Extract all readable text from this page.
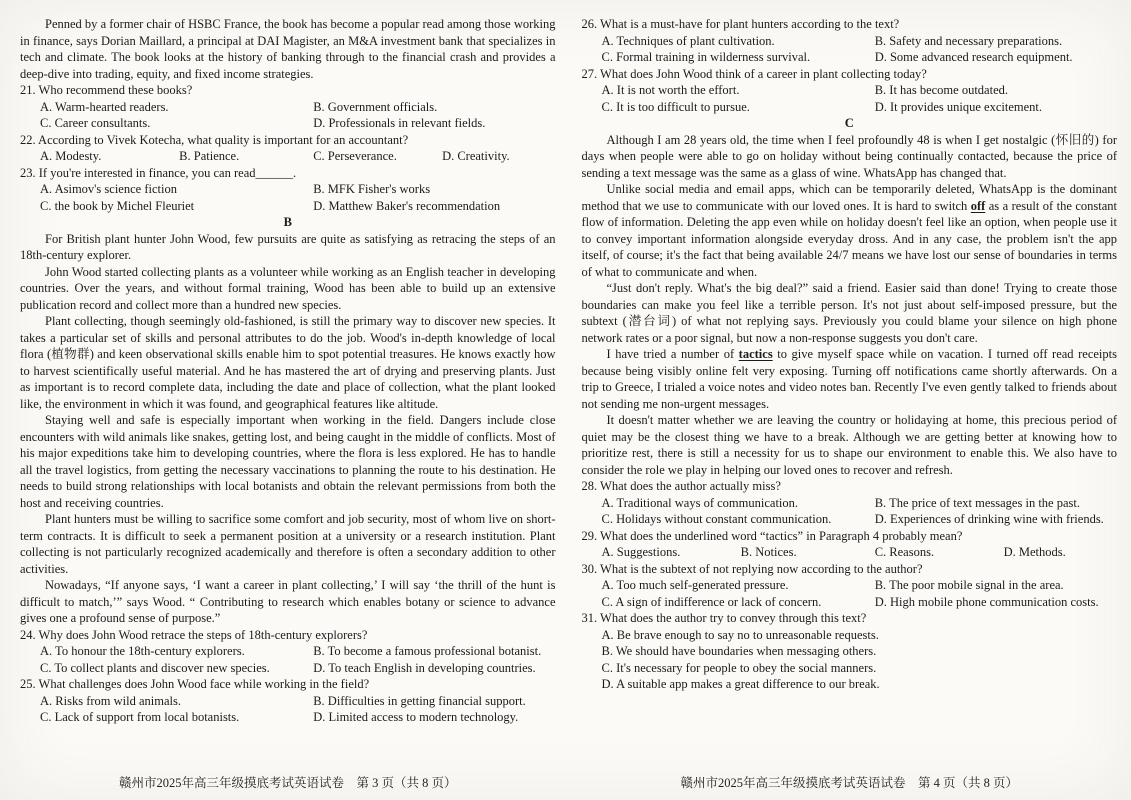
Penned by a former chair of HSBC France, the book has become a popular read among those working in finance, says Dorian Maillard, a principal at DAI Magister, an M&A investment bank that specializes in tech and climate. The book looks at the history of banking through to the financial crash and provides a deep-dive into trading, equity, and fixed income strategies.

21. Who recommend these books?
A. Warm-hearted readers.	B. Government officials.
C. Career consultants.	D. Professionals in relevant fields.
22. According to Vivek Kotecha, what quality is important for an accountant?
A. Modesty.	B. Patience.	C. Perseverance.	D. Creativity.
23. If you're interested in finance, you can read______.
A. Asimov's science fiction	B. MFK Fisher's works
C. the book by Michel Fleuriet	D. Matthew Baker's recommendation
B

For British plant hunter John Wood, few pursuits are quite as satisfying as retracing the steps of an 18th-century explorer.

John Wood started collecting plants as a volunteer while working as an English teacher in developing countries. Over the years, and without formal training, Wood has been able to build up an extensive publication record and collect more than a hundred new species.

Plant collecting, though seemingly old-fashioned, is still the primary way to discover new species. It takes a particular set of skills and personal attributes to do the job. Wood's in-depth knowledge of local flora (植物群) and keen observational skills enable him to spot potential treasures. He knows exactly how to harvest scientifically useful material. And he has mastered the art of drying and preserving plants. Just as important is to record complete data, including the date and place of collection, what the plant looked like, the environment in which it was found, and geographical features like altitude.

Staying well and safe is especially important when working in the field. Dangers include close encounters with wild animals like snakes, getting lost, and being caught in the middle of conflicts. Most of his major expeditions take him to developing countries, where the flora is less explored. He has to handle all the travel logistics, from getting the necessary vaccinations to planning the route to his destination. He needs to build strong relationships with local botanists and obtain the relevant permissions from both the host and receiving countries.

Plant hunters must be willing to sacrifice some comfort and job security, most of whom live on short-term contracts. It is difficult to seek a permanent position at a university or a research institution. Plant collecting is not particularly recognized academically and therefore is often a secondary addition to other activities.

Nowadays, “If anyone says, ‘I want a career in plant collecting,’ I will say ‘the thrill of the hunt is difficult to match,’” says Wood. “ Contributing to research which enables botany or science to advance gives one a profound sense of purpose.”

24. Why does John Wood retrace the steps of 18th-century explorers?
A. To honour the 18th-century explorers.	B. To become a famous professional botanist.
C. To collect plants and discover new species.	D. To teach English in developing countries.
25. What challenges does John Wood face while working in the field?
A. Risks from wild animals.	B. Difficulties in getting financial support.
C. Lack of support from local botanists.	D. Limited access to modern technology.
赣州市2025年高三年级摸底考试英语试卷　第 3 页（共 8 页）
26. What is a must-have for plant hunters according to the text?
A. Techniques of plant cultivation.	B. Safety and necessary preparations.
C. Formal training in wilderness survival.	D. Some advanced research equipment.
27. What does John Wood think of a career in plant collecting today?
A. It is not worth the effort.	B. It has become outdated.
C. It is too difficult to pursue.	D. It provides unique excitement.
C

Although I am 28 years old, the time when I feel profoundly 48 is when I get nostalgic (怀旧的) for days when people were able to go on holiday without being continually contacted, because the price of sending a text message was the same as a glass of wine. WhatsApp has changed that.

Unlike social media and email apps, which can be temporarily deleted, WhatsApp is the dominant method that we use to communicate with our loved ones. It is hard to switch off as a result of the constant flow of information. Deleting the app even while on holiday doesn't feel like an option, when people use it to convey important information alongside everyday dross. And in any case, the problem isn't the app itself, of course; it's the fact that being available 24/7 means we have lost our sense of boundaries in terms of what to communicate and when.

“Just don't reply. What's the big deal?” said a friend. Easier said than done! Trying to create those boundaries can make you feel like a terrible person. It's not just about self-imposed pressure, but the subtext (潜台词) of what not replying says. Previously you could blame your silence on high phone network rates or a poor signal, but now a non-response suggests you don't care.

I have tried a number of tactics to give myself space while on vacation. I turned off read receipts because being visibly online felt very exposing. Turning off notifications came shortly afterwards. On a trip to Greece, I trialed a voice notes and video notes ban. Recently I've even gently talked to friends about not sending me non-urgent messages.

It doesn't matter whether we are leaving the country or holidaying at home, this precious period of quiet may be the closest thing we have to a break. Although we are getting better at knowing how to prioritize rest, there is still a necessity for us to shape our environment to enable this. We also have to consider the role we play in helping our loved ones to recover and refresh.

28. What does the author actually miss?
A. Traditional ways of communication.	B. The price of text messages in the past.
C. Holidays without constant communication.	D. Experiences of drinking wine with friends.
29. What does the underlined word “tactics” in Paragraph 4 probably mean?
A. Suggestions.	B. Notices.	C. Reasons.	D. Methods.
30. What is the subtext of not replying now according to the author?
A. Too much self-generated pressure.	B. The poor mobile signal in the area.
C. A sign of indifference or lack of concern.	D. High mobile phone communication costs.
31. What does the author try to convey through this text?
A. Be brave enough to say no to unreasonable requests.
B. We should have boundaries when messaging others.
C. It's necessary for people to obey the social manners.
D. A suitable app makes a great difference to our break.
赣州市2025年高三年级摸底考试英语试卷　第 4 页（共 8 页）
